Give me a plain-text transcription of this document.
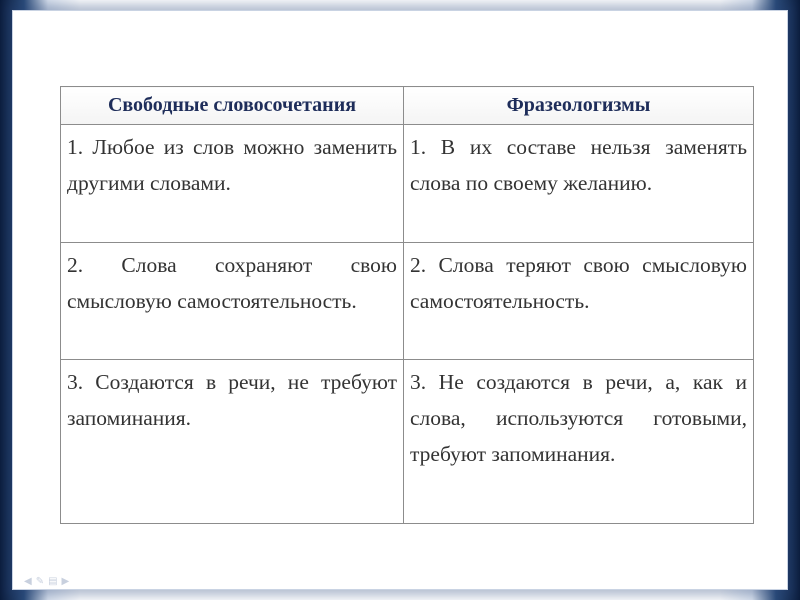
Свободные словосочетания	Фразеологизмы

1. Любое из слов можно заменить другими словами.	1. В их составе нельзя заменять слова по своему желанию.

2. Слова сохраняют свою смысловую самостоятельность.	2. Слова теряют свою смысловую самостоятельность.

3. Создаются в речи, не требуют запоминания.	3. Не создаются в речи, а, как и слова, используются готовыми, требуют запоминания.
◀✎▤▶
